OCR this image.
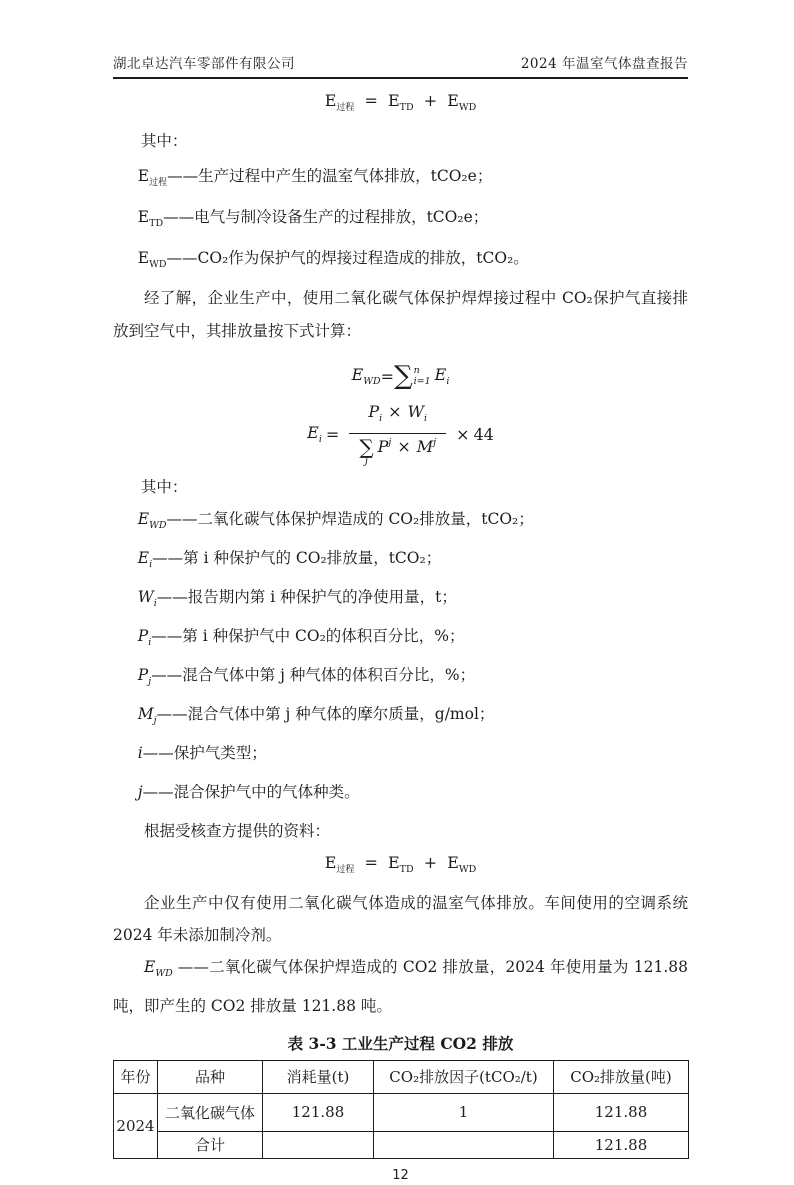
湖北卓达汽车零部件有限公司	2024 年温室气体盘查报告
$E_{过程} = E_{TD} + E_{WD}$

其中：

$E_{过程}——$生产过程中产生的温室气体排放，tCO₂e；

$E_{TD}——$电气与制冷设备生产的过程排放，tCO₂e；

$E_{WD}——CO_2$作为保护气的焊接过程造成的排放，tCO₂。

经了解，企业生产中，使用二氧化碳气体保护焊焊接过程中 CO₂保护气直接排放到空气中，其排放量按下式计算：

$E_{WD}$ = ∑ n
i=1 $E_i$
$E_i = P_i \times W_i$
∑
j
$P^j \times M^j \times 44$

其中：

$E_{WD}——$二氧化碳气体保护焊造成的 CO₂排放量，tCO₂；

$E_i——$第 i 种保护气的 CO₂排放量，tCO₂；

$W_i——$报告期内第 i 种保护气的净使用量，t；

$P_i——$第 i 种保护气中 CO₂的体积百分比，%；

$P_j——$混合气体中第 j 种气体的体积百分比，%；

$M_j——$混合气体中第 j 种气体的摩尔质量，g/mol；

i——保护气类型；

j——混合保护气中的气体种类。

根据受核查方提供的资料：

$E_{过程} = E_{TD} + E_{WD}$

企业生产中仅有使用二氧化碳气体造成的温室气体排放。车间使用的空调系统 2024 年未添加制冷剂。

$E_{WD}$ ——二氧化碳气体保护焊造成的 CO2 排放量，2024 年使用量为 121.88 吨，即产生的 CO2 排放量 121.88 吨。

表 3-3 工业生产过程 CO2 排放
年份	品种	消耗量(t)	CO₂排放因子(tCO₂/t)	CO₂排放量(吨)
2024	二氧化碳气体	121.88	1	121.88
	合计			121.88
12
